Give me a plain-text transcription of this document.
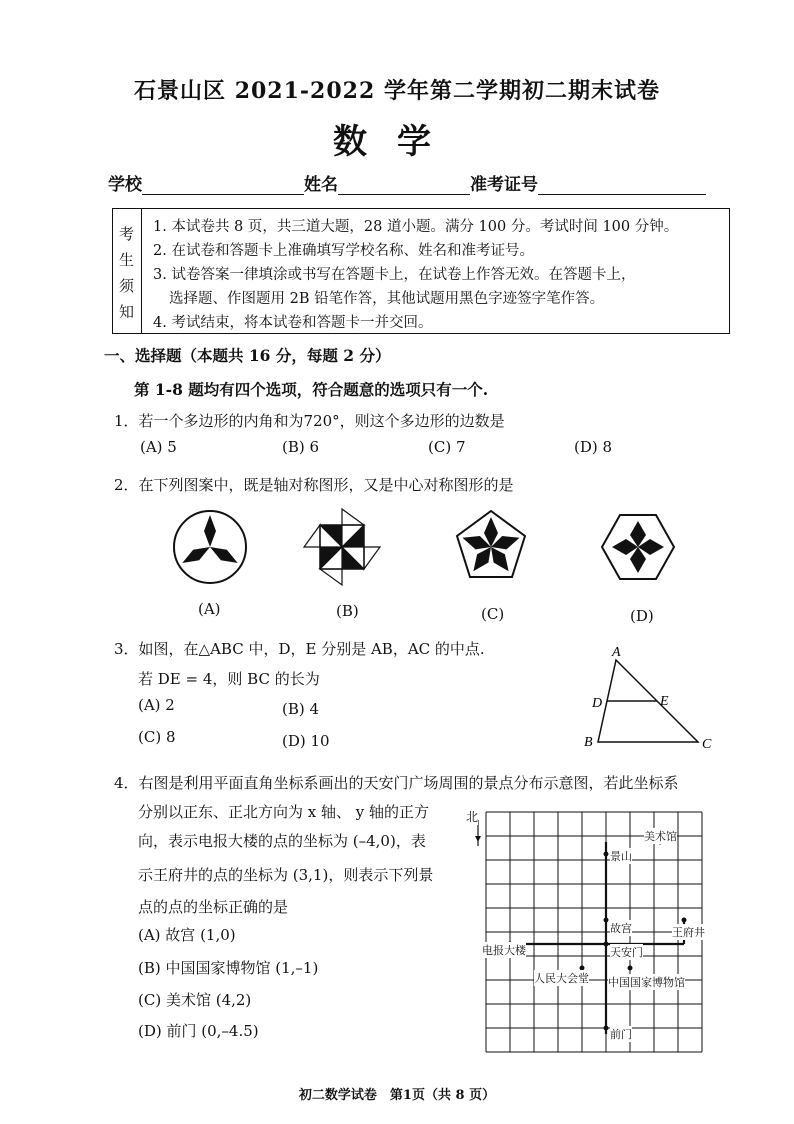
石景山区 2021-2022 学年第二学期初二期末试卷
数学
学校	姓名	准考证号
考
生
须
知
1. 本试卷共 8 页，共三道大题，28 道小题。满分 100 分。考试时间 100 分钟。
2. 在试卷和答题卡上准确填写学校名称、姓名和准考证号。
3. 试卷答案一律填涂或书写在答题卡上，在试卷上作答无效。在答题卡上，
选择题、作图题用 2B 铅笔作答，其他试题用黑色字迹签字笔作答。
4. 考试结束，将本试卷和答题卡一并交回。
一、选择题（本题共 16 分，每题 2 分）
第 1-8 题均有四个选项，符合题意的选项只有一个.
1．若一个多边形的内角和为720°，则这个多边形的边数是
(A) 5	(B) 6	(C) 7	(D) 8
2．在下列图案中，既是轴对称图形，又是中心对称图形的是
(A)	(B)	(C)	(D)
3．如图，在△ABC 中，D，E 分别是 AB，AC 的中点.
若 DE = 4，则 BC 的长为
(A) 2	(B) 4
(C) 8	(D) 10
A
D	E
B	C
4．右图是利用平面直角坐标系画出的天安门广场周围的景点分布示意图，若此坐标系
分别以正东、正北方向为 x 轴、 y 轴的正方
向，表示电报大楼的点的坐标为 (–4,0)，表
示王府井的点的坐标为 (3,1)，则表示下列景
点的点的坐标正确的是
(A) 故宫 (1,0)
(B) 中国国家博物馆 (1,–1)
(C) 美术馆 (4,2)
(D) 前门 (0,–4.5)
北
美术馆
景山
故宫	王府井
电报大楼	天安门
人民大会堂 中国国家博物馆
前门
初二数学试卷　第1页（共 8 页）
